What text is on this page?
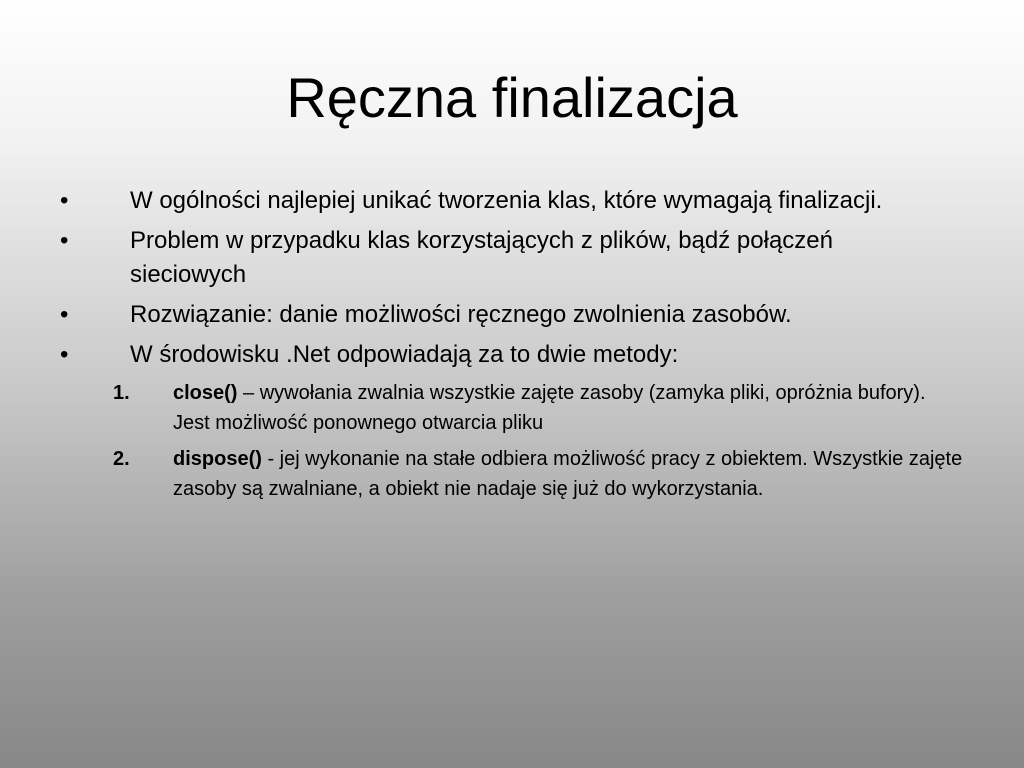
Ręczna finalizacja
•	W ogólności najlepiej unikać tworzenia klas, które wymagają finalizacji.
•	Problem w przypadku klas korzystających z plików, bądź połączeń sieciowych
•	Rozwiązanie: danie możliwości ręcznego zwolnienia zasobów.
•	W środowisku .Net odpowiadają za to dwie metody:
1. close() – wywołania zwalnia wszystkie zajęte zasoby (zamyka pliki, opróżnia bufory). Jest możliwość ponownego otwarcia pliku
2. dispose() - jej wykonanie na stałe odbiera możliwość pracy z obiektem. Wszystkie zajęte zasoby są zwalniane, a obiekt nie nadaje się już do wykorzystania.
